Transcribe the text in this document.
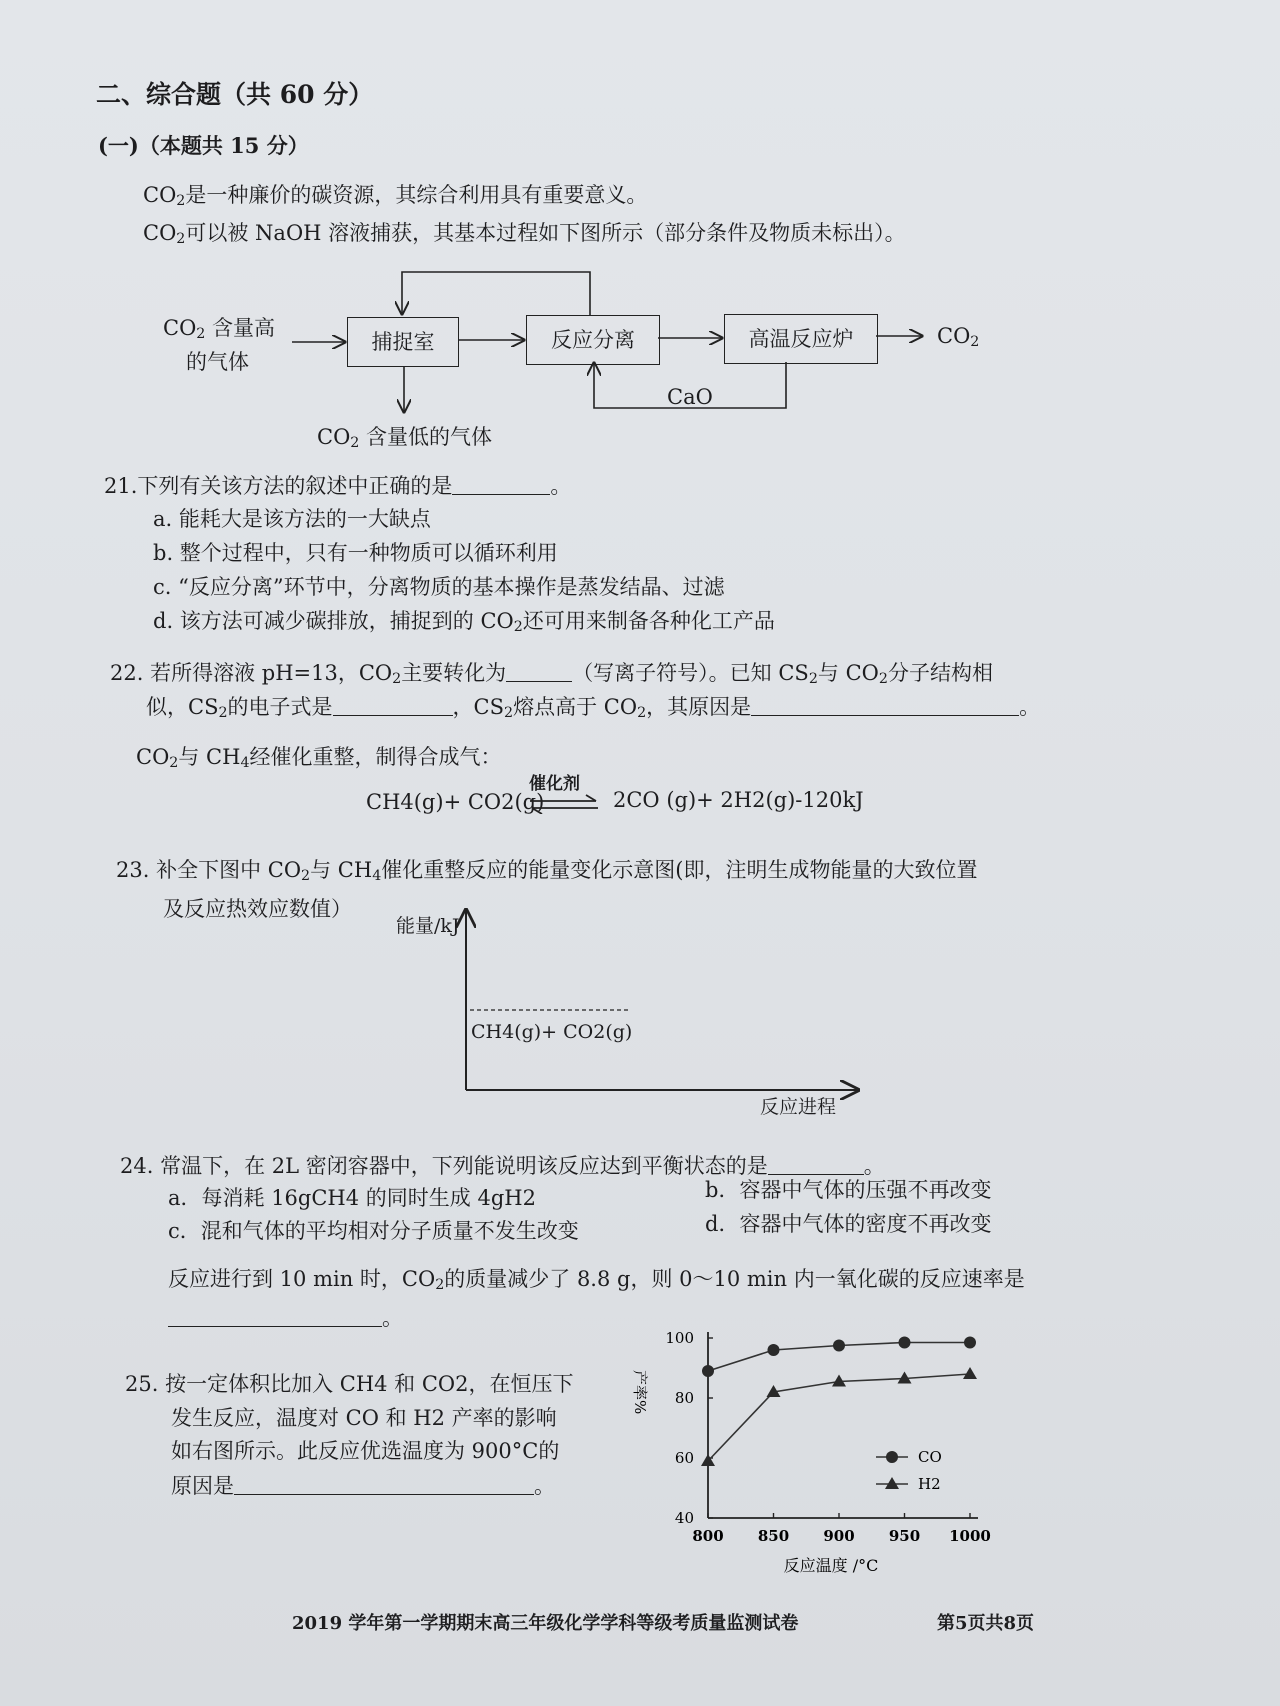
二、综合题（共 60 分）
(一)（本题共 15 分）
$CO_2$是一种廉价的碳资源，其综合利用具有重要意义。
$CO_2$可以被 NaOH 溶液捕获，其基本过程如下图所示（部分条件及物质未标出）。
捕捉室	反应分离	高温反应炉
$CO_2$ 含量高
的气体
$CO_2$
CaO
$CO_2$ 含量低的气体
21.下列有关该方法的叙述中正确的是	。
a. 能耗大是该方法的一大缺点
b. 整个过程中，只有一种物质可以循环利用
c. “反应分离”环节中，分离物质的基本操作是蒸发结晶、过滤
d. 该方法可减少碳排放，捕捉到的 $CO_2$还可用来制备各种化工产品
22. 若所得溶液 pH=13，$CO_2$主要转化为	（写离子符号）。已知 $CS_2$与 $CO_2$分子结构相
似，$CS_2$的电子式是	，$CS_2$熔点高于 $CO_2$，其原因是	。
$CO_2$与 $CH_4$经催化重整，制得合成气：
CH4(g)+ CO2(g)
催化剂
2CO (g)+ 2H2(g)-120kJ
23. 补全下图中 $CO_2$与 $CH_4$催化重整反应的能量变化示意图(即，注明生成物能量的大致位置
及反应热效应数值）
能量/kJ
反应进程
CH4(g)+ CO2(g)
24. 常温下，在 2L 密闭容器中，下列能说明该反应达到平衡状态的是	。
a．每消耗 16gCH4 的同时生成 4gH2	b．容器中气体的压强不再改变
c．混和气体的平均相对分子质量不发生改变	d．容器中气体的密度不再改变
反应进行到 10 min 时，$CO_2$的质量减少了 8.8 g，则 0～10 min 内一氧化碳的反应速率是
。
25. 按一定体积比加入 CH4 和 CO2，在恒压下
发生反应，温度对 CO 和 H2 产率的影响
如右图所示。此反应优选温度为 900°C的
原因是	。
40
60
80
100
800 850 900 950 1000
反应温度 /°C
产率%
CO
H2
2019 学年第一学期期末高三年级化学学科等级考质量监测试卷	第5页共8页
